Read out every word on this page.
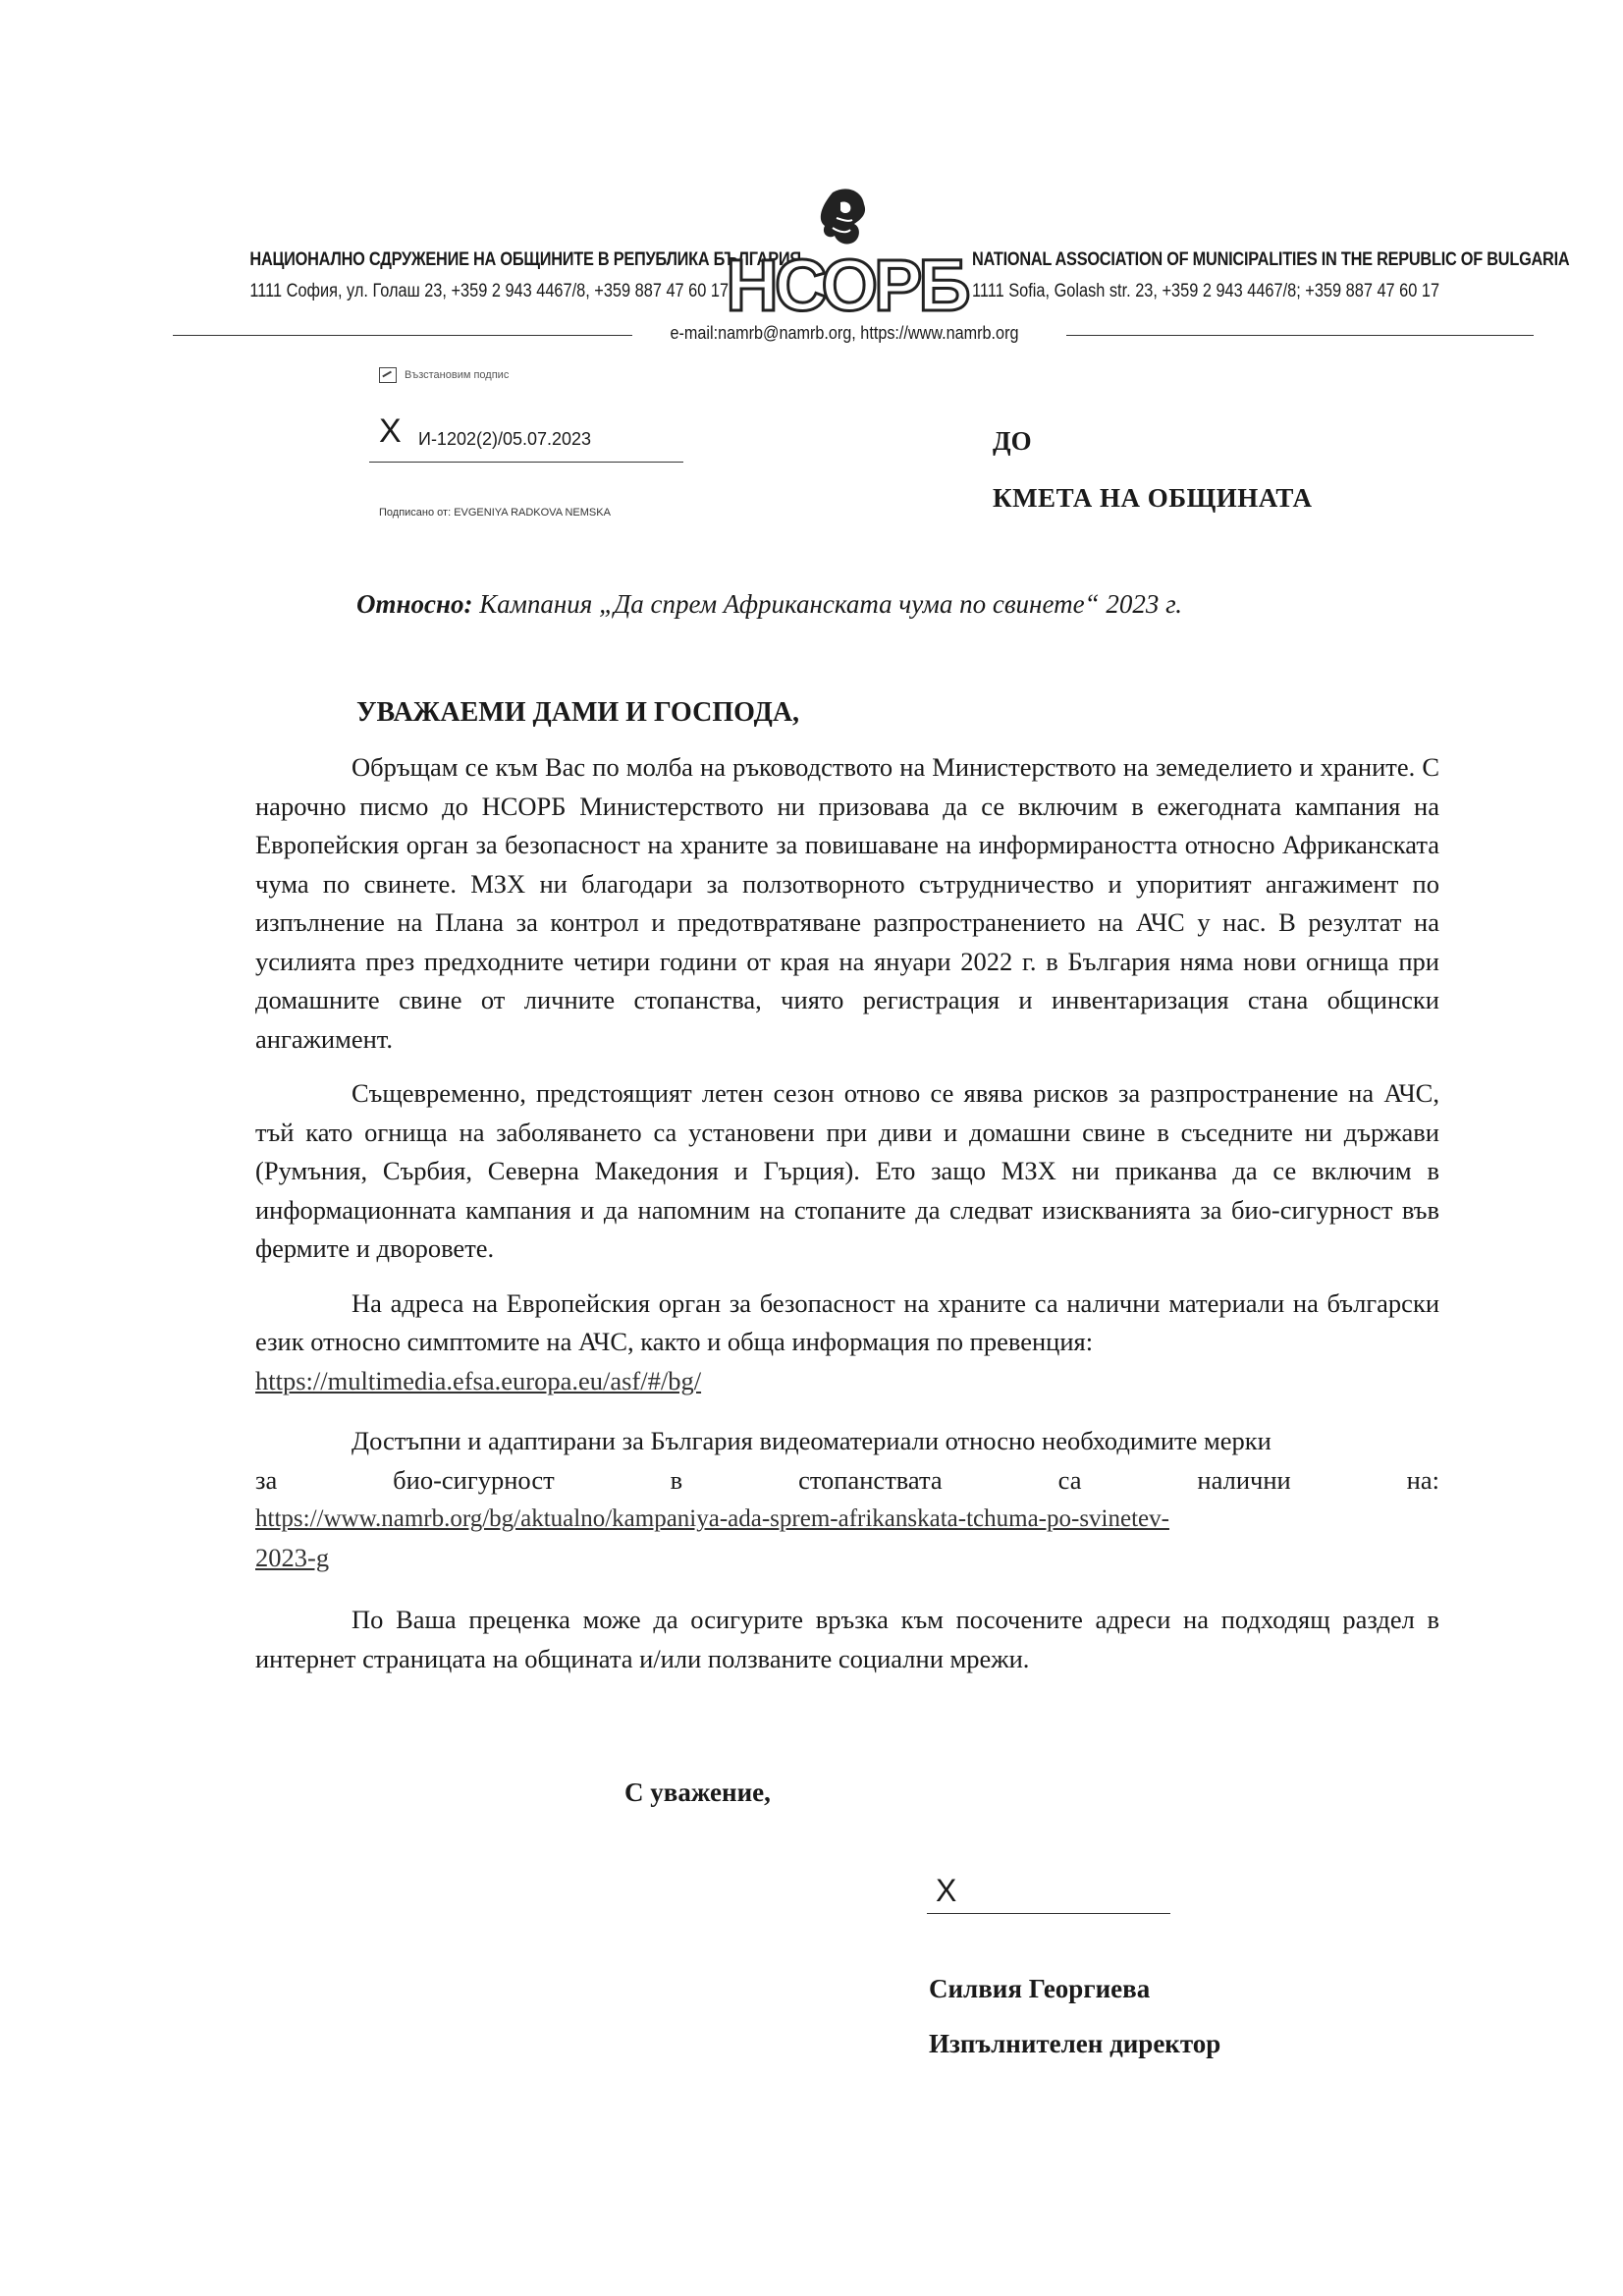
НАЦИОНАЛНО СДРУЖЕНИЕ НА ОБЩИНИТЕ В РЕПУБЛИКА БЪЛГАРИЯ
1111 София, ул. Голаш 23, +359 2 943 4467/8, +359 887 47 60 17
НСОРБ NATIONAL ASSOCIATION OF MUNICIPALITIES IN THE REPUBLIC OF BULGARIA
1111 Sofia, Golash str. 23, +359 2 943 4467/8; +359 887 47 60 17
e-mail:namrb@namrb.org, https://www.namrb.org
Възстановим подпис
X И-1202(2)/05.07.2023
Подписано от: EVGENIYA RADKOVA NEMSKA
ДО
КМЕТА НА ОБЩИНАТА
Относно: Кампания „Да спрем Африканската чума по свинете“ 2023 г.
УВАЖАЕМИ ДАМИ И ГОСПОДА,

Обръщам се към Вас по молба на ръководството на Министерството на земеделието и храните. С нарочно писмо до НСОРБ Министерството ни призовава да се включим в ежегодната кампания на Европейския орган за безопасност на храните за повишаване на информираността относно Африканската чума по свинете. МЗХ ни благодари за ползотворното сътрудничество и упоритият ангажимент по изпълнение на Плана за контрол и предотвратяване разпространението на АЧС у нас. В резултат на усилията през предходните четири години от края на януари 2022 г. в България няма нови огнища при домашните свине от личните стопанства, чиято регистрация и инвентаризация стана общински ангажимент.

Същевременно, предстоящият летен сезон отново се явява рисков за разпространение на АЧС, тъй като огнища на заболяването са установени при диви и домашни свине в съседните ни държави (Румъния, Сърбия, Северна Македония и Гърция). Ето защо МЗХ ни приканва да се включим в информационната кампания и да напомним на стопаните да следват изискванията за био-сигурност във фермите и дворовете.

На адреса на Европейския орган за безопасност на храните са налични материали на български език относно симптомите на АЧС, както и обща информация по превенция:

https://multimedia.efsa.europa.eu/asf/#/bg/

Достъпни и адаптирани за България видеоматериали относно необходимите мерки

за	био-сигурност	в	стопанствата	са	налични	на:
https://www.namrb.org/bg/aktualno/kampaniya-ada-sprem-afrikanskata-tchuma-po-svinetev-
2023-g

По Ваша преценка може да осигурите връзка към посочените адреси на подходящ раздел в интернет страницата на общината и/или ползваните социални мрежи.

С уважение,
X
Силвия Георгиева
Изпълнителен директор
